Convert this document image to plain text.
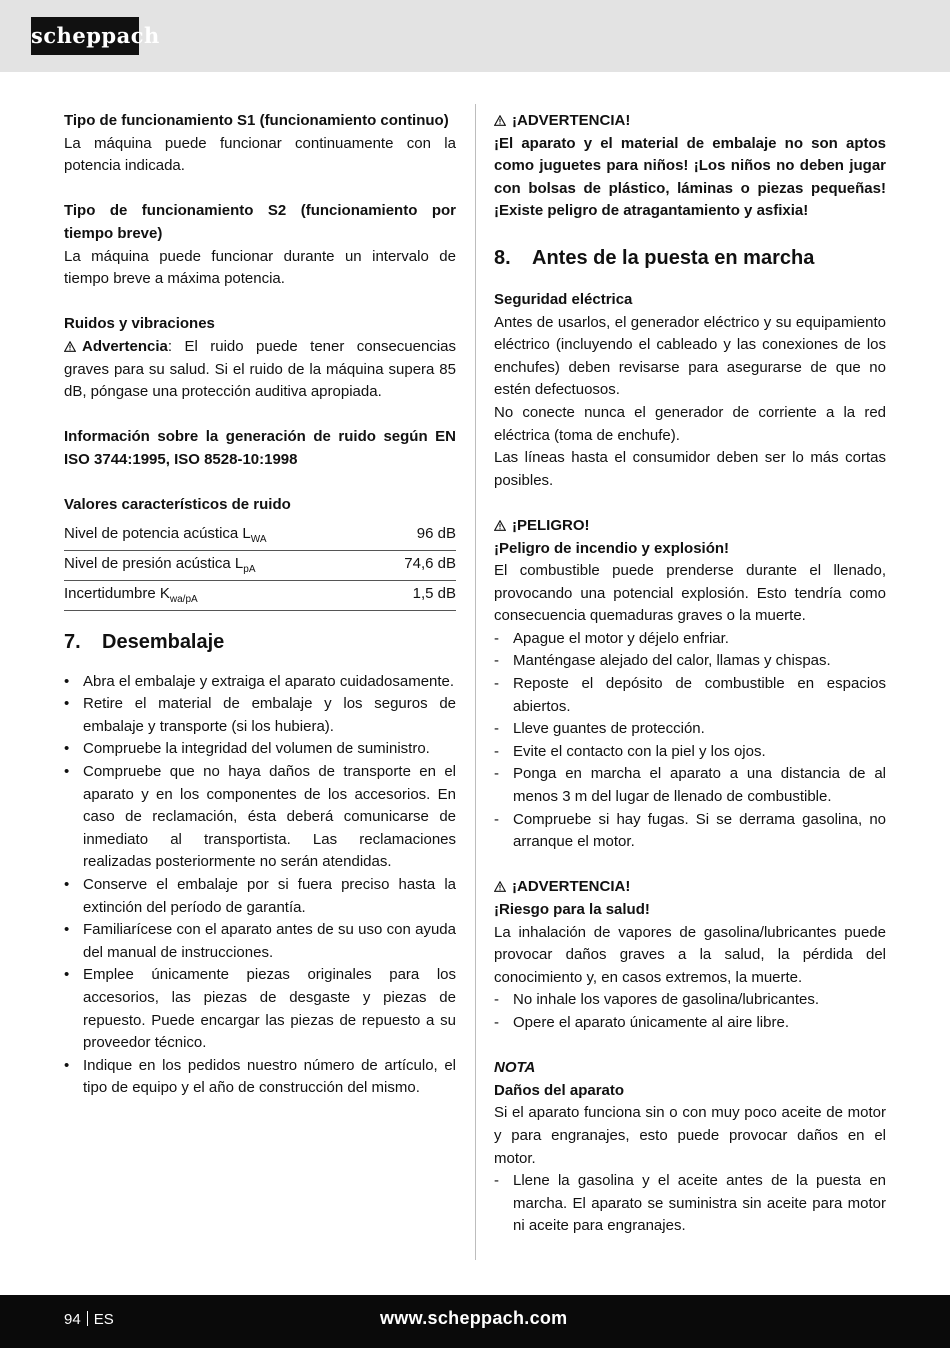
scheppach

Tipo de funcionamiento S1 (funcionamiento continuo)

La máquina puede funcionar continuamente con la potencia indicada.

Tipo de funcionamiento S2 (funcionamiento por tiempo breve)

La máquina puede funcionar durante un intervalo de tiempo breve a máxima potencia.

Ruidos y vibraciones

Advertencia: El ruido puede tener consecuencias graves para su salud. Si el ruido de la máquina supera 85 dB, póngase una protección auditiva apropiada.

Información sobre la generación de ruido según EN ISO 3744:1995, ISO 8528-10:1998

Valores característicos de ruido

Nivel de potencia acústica $L_{WA}$	96 dB
Nivel de presión acústica $L_{pA}$	74,6 dB
Incertidumbre $K_{wa/pA}$	1,5 dB
7. Desembalaje
• Abra el embalaje y extraiga el aparato cuidadosamente.
• Retire el material de embalaje y los seguros de embalaje y transporte (si los hubiera).
• Compruebe la integridad del volumen de suministro.
• Compruebe que no haya daños de transporte en el aparato y en los componentes de los accesorios. En caso de reclamación, ésta deberá comunicarse de inmediato al transportista. Las reclamaciones realizadas posteriormente no serán atendidas.
• Conserve el embalaje por si fuera preciso hasta la extinción del período de garantía.
• Familiarícese con el aparato antes de su uso con ayuda del manual de instrucciones.
• Emplee únicamente piezas originales para los accesorios, las piezas de desgaste y piezas de repuesto. Puede encargar las piezas de repuesto a su proveedor técnico.
• Indique en los pedidos nuestro número de artículo, el tipo de equipo y el año de construcción del mismo.

¡ADVERTENCIA!

¡El aparato y el material de embalaje no son aptos como juguetes para niños! ¡Los niños no deben jugar con bolsas de plástico, láminas o piezas pequeñas! ¡Existe peligro de atragantamiento y asfixia!

8. Antes de la puesta en marcha

Seguridad eléctrica

Antes de usarlos, el generador eléctrico y su equipamiento eléctrico (incluyendo el cableado y las conexiones de los enchufes) deben revisarse para asegurarse de que no estén defectuosos.

No conecte nunca el generador de corriente a la red eléctrica (toma de enchufe).

Las líneas hasta el consumidor deben ser lo más cortas posibles.

¡PELIGRO!

¡Peligro de incendio y explosión!

El combustible puede prenderse durante el llenado, provocando una potencial explosión. Esto tendría como consecuencia quemaduras graves o la muerte.

- Apague el motor y déjelo enfriar.
- Manténgase alejado del calor, llamas y chispas.
- Reposte el depósito de combustible en espacios abiertos.
- Lleve guantes de protección.
- Evite el contacto con la piel y los ojos.
- Ponga en marcha el aparato a una distancia de al menos 3 m del lugar de llenado de combustible.
- Compruebe si hay fugas. Si se derrama gasolina, no arranque el motor.

¡ADVERTENCIA!

¡Riesgo para la salud!

La inhalación de vapores de gasolina/lubricantes puede provocar daños graves a la salud, la pérdida del conocimiento y, en casos extremos, la muerte.

- No inhale los vapores de gasolina/lubricantes.
- Opere el aparato únicamente al aire libre.

NOTA

Daños del aparato

Si el aparato funciona sin o con muy poco aceite de motor y para engranajes, esto puede provocar daños en el motor.

- Llene la gasolina y el aceite antes de la puesta en marcha. El aparato se suministra sin aceite para motor ni aceite para engranajes.
94 ES	www.scheppach.com
